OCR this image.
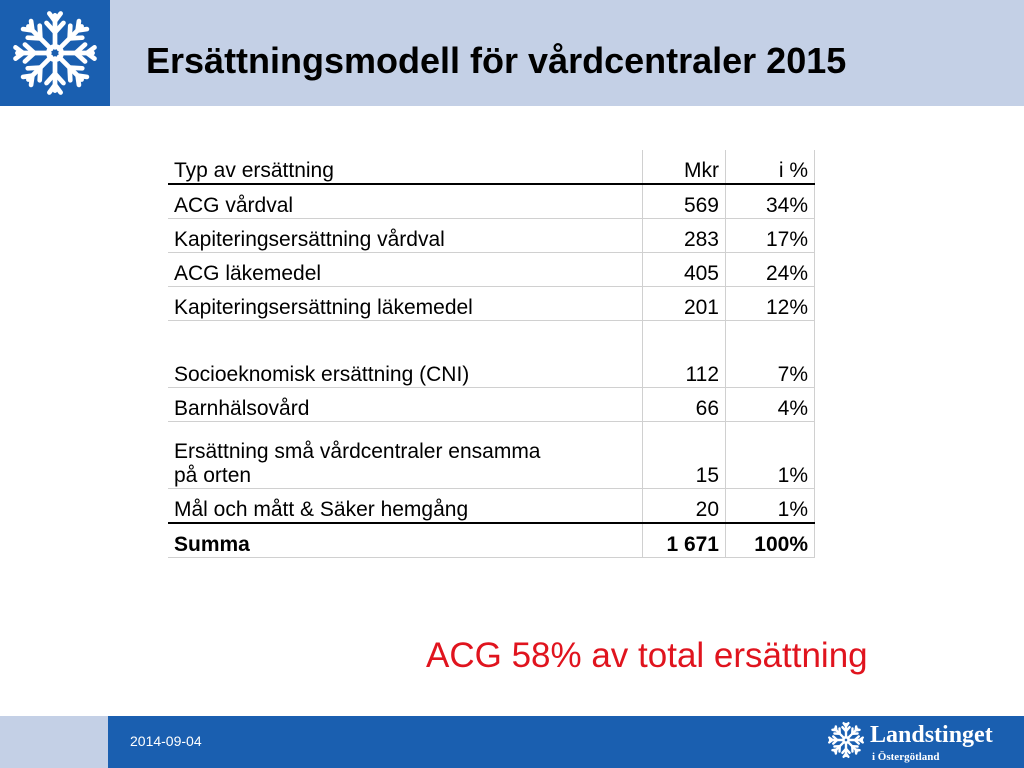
Ersättningsmodell för vårdcentraler 2015
Typ av ersättning	Mkr	i %
ACG vårdval	569	34%
Kapiteringsersättning vårdval	283	17%
ACG läkemedel	405	24%
Kapiteringsersättning läkemedel	201	12%
Socioeknomisk ersättning (CNI)	112	7%
Barnhälsovård	66	4%

Ersättning små vårdcentraler ensamma
på orten	15	1%
Mål och mått & Säker hemgång	20	1%
Summa	1 671	100%
ACG 58% av total ersättning
2014-09-04	Landstinget
i Östergötland
